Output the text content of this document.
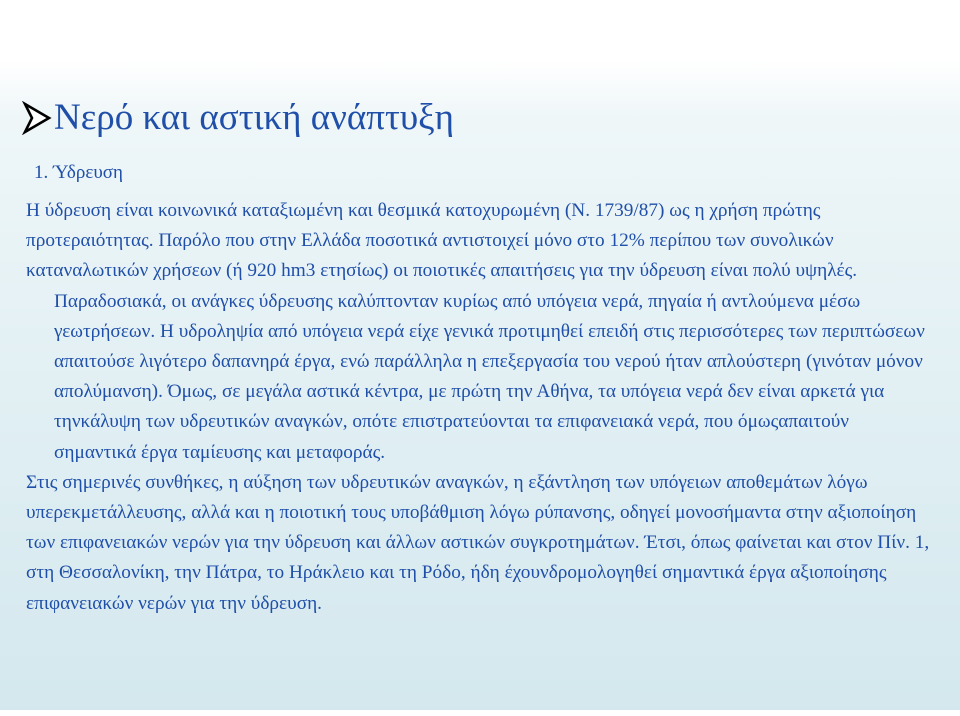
Νερό και αστική ανάπτυξη
1. Ύδρευση

Η ύδρευση είναι κοινωνικά καταξιωμένη και θεσμικά κατοχυρωμένη (Ν. 1739/87) ως η χρήση πρώτης προτεραιότητας. Παρόλο που στην Ελλάδα ποσοτικά αντιστοιχεί μόνο στο 12% περίπου των συνολικών καταναλωτικών χρήσεων (ή 920 hm3 ετησίως) οι ποιοτικές απαιτήσεις για την ύδρευση είναι πολύ υψηλές.

Παραδοσιακά, οι ανάγκες ύδρευσης καλύπτονταν κυρίως από υπόγεια νερά, πηγαία ή αντλούμενα μέσω γεωτρήσεων. Η υδροληψία από υπόγεια νερά είχε γενικά προτιμηθεί επειδή στις περισσότερες των περιπτώσεων απαιτούσε λιγότερο δαπανηρά έργα, ενώ παράλληλα η επεξεργασία του νερού ήταν απλούστερη (γινόταν μόνον απολύμανση). Όμως, σε μεγάλα αστικά κέντρα, με πρώτη την Αθήνα, τα υπόγεια νερά δεν είναι αρκετά για τηνκάλυψη των υδρευτικών αναγκών, οπότε επιστρατεύονται τα επιφανειακά νερά, που όμωςαπαιτούν σημαντικά έργα ταμίευσης και μεταφοράς.

Στις σημερινές συνθήκες, η αύξηση των υδρευτικών αναγκών, η εξάντληση των υπόγειων αποθεμάτων λόγω υπερεκμετάλλευσης, αλλά και η ποιοτική τους υποβάθμιση λόγω ρύπανσης, οδηγεί μονοσήμαντα στην αξιοποίηση των επιφανειακών νερών για την ύδρευση και άλλων αστικών συγκροτημάτων. Έτσι, όπως φαίνεται και στον Πίν. 1, στη Θεσσαλονίκη, την Πάτρα, το Ηράκλειο και τη Ρόδο, ήδη έχουνδρομολογηθεί σημαντικά έργα αξιοποίησης επιφανειακών νερών για την ύδρευση.
